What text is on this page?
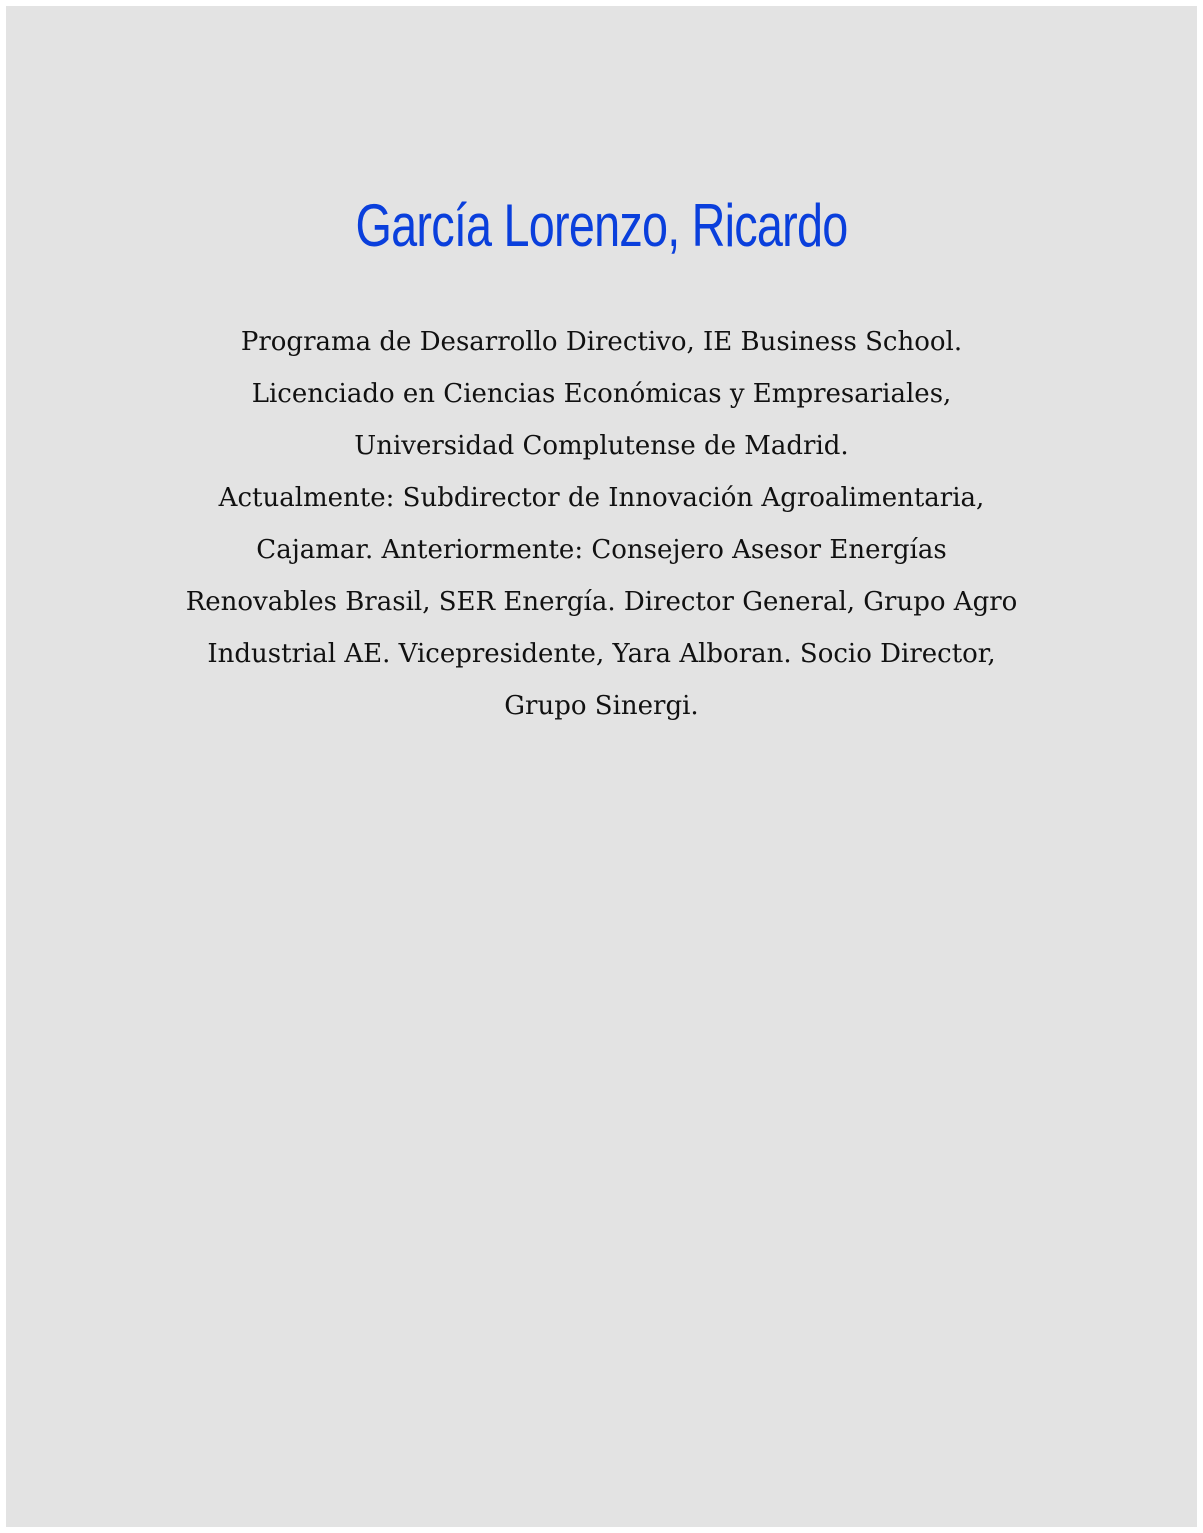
García Lorenzo, Ricardo

Programa de Desarrollo Directivo, IE Business School.
Licenciado en Ciencias Económicas y Empresariales,
Universidad Complutense de Madrid.
Actualmente: Subdirector de Innovación Agroalimentaria,
Cajamar. Anteriormente: Consejero Asesor Energías
Renovables Brasil, SER Energía. Director General, Grupo Agro
Industrial AE. Vicepresidente, Yara Alboran. Socio Director,
Grupo Sinergi.
